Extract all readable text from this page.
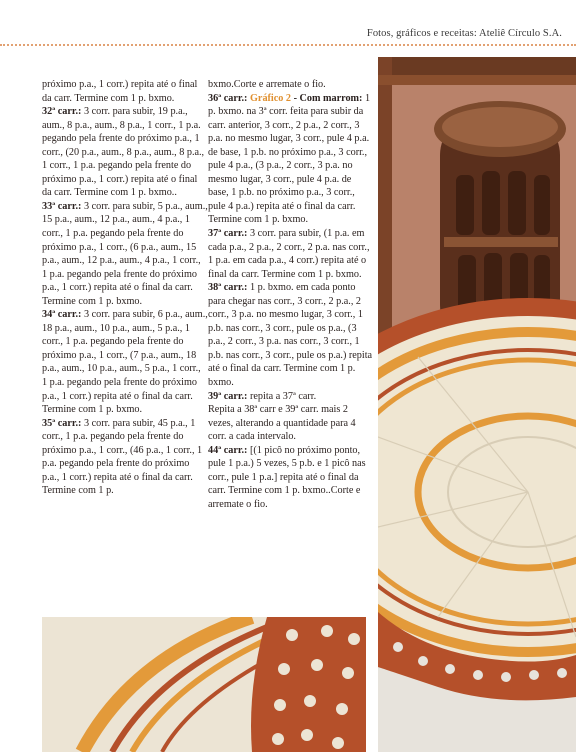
Fotos, gráficos e receitas: Ateliê Círculo S.A.

próximo p.a., 1 corr.) repita até o final da carr. Termine com 1 p. bxmo.

32ª carr.: 3 corr. para subir, 19 p.a., aum., 8 p.a., aum., 8 p.a., 1 corr., 1 p.a. pegando pela frente do próximo p.a., 1 corr., (20 p.a., aum., 8 p.a., aum., 8 p.a., 1 corr., 1 p.a. pegando pela frente do próximo p.a., 1 corr.) repita até o final da carr. Termine com 1 p. bxmo..

33ª carr.: 3 corr. para subir, 5 p.a., aum., 15 p.a., aum., 12 p.a., aum., 4 p.a., 1 corr., 1 p.a. pegando pela frente do próximo p.a., 1 corr., (6 p.a., aum., 15 p.a., aum., 12 p.a., aum., 4 p.a., 1 corr., 1 p.a. pegando pela frente do próximo p.a., 1 corr.) repita até o final da carr. Termine com 1 p. bxmo.

34ª carr.: 3 corr. para subir, 6 p.a., aum., 18 p.a., aum., 10 p.a., aum., 5 p.a., 1 corr., 1 p.a. pegando pela frente do próximo p.a., 1 corr., (7 p.a., aum., 18 p.a., aum., 10 p.a., aum., 5 p.a., 1 corr., 1 p.a. pegando pela frente do próximo p.a., 1 corr.) repita até o final da carr. Termine com 1 p. bxmo.

35ª carr.: 3 corr. para subir, 45 p.a., 1 corr., 1 p.a. pegando pela frente do próximo p.a., 1 corr., (46 p.a., 1 corr., 1 p.a. pegando pela frente do próximo p.a., 1 corr.) repita até o final da carr. Termine com 1 p.

bxmo.Corte e arremate o fio.

36ª carr.: Gráfico 2 - Com marrom: 1 p. bxmo. na 3ª corr. feita para subir da carr. anterior, 3 corr., 2 p.a., 2 corr., 3 p.a. no mesmo lugar, 3 corr., pule 4 p.a. de base, 1 p.b. no próximo p.a., 3 corr., pule 4 p.a., (3 p.a., 2 corr., 3 p.a. no mesmo lugar, 3 corr., pule 4 p.a. de base, 1 p.b. no próximo p.a., 3 corr., pule 4 p.a.) repita até o final da carr. Termine com 1 p. bxmo.

37ª carr.: 3 corr. para subir, (1 p.a. em cada p.a., 2 p.a., 2 corr., 2 p.a. nas corr., 1 p.a. em cada p.a., 4 corr.) repita até o final da carr. Termine com 1 p. bxmo.

38ª carr.: 1 p. bxmo. em cada ponto para chegar nas corr., 3 corr., 2 p.a., 2 corr., 3 p.a. no mesmo lugar, 3 corr., 1 p.b. nas corr., 3 corr., pule os p.a., (3 p.a., 2 corr., 3 p.a. nas corr., 3 corr., 1 p.b. nas corr., 3 corr., pule os p.a.) repita até o final da carr. Termine com 1 p. bxmo.

39ª carr.: repita a 37ª carr.

Repita a 38ª carr e 39ª carr. mais 2 vezes, alterando a quantidade para 4 corr. a cada intervalo.

44ª carr.: [(1 picô no próximo ponto, pule 1 p.a.) 5 vezes, 5 p.b. e 1 picô nas corr., pule 1 p.a.] repita até o final da carr. Termine com 1 p. bxmo..Corte e arremate o fio.
